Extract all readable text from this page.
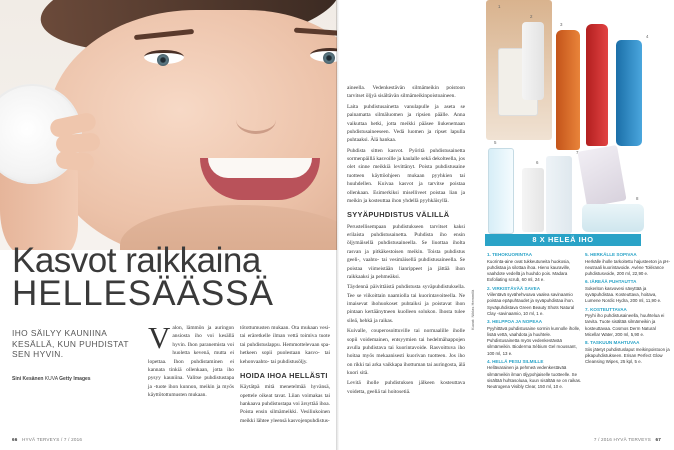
Kasvot raikkaina
HELLESÄÄSSÄ
IHO SÄILYY KAUNIINA KESÄLLÄ, KUN PUHDISTAT SEN HYVIN.
Sini Kesänen KUVA Getty Images

Valon, lämmön ja auringon ansiosta iho voi kesällä hyvin. Ihon paranemista voi huoletta kevenä, mutta ei lopettaa. Ihon puhdistaminen ei kannata tinkiä ollenkaan, jotta iho pysyy kauniina. Valitse puhdistustapa ja -tuote ihon kunnon, meikin ja myös käyttötottumusten mukaan.

tötottumusten mukaan. Ota mukaan vesi- tai eräretkelle ilman vettä toimiva tuote tai puhdistuslappu. Hemmottelevaan spa-hetkeen sopii puolestaan kasvo- tai kehonvaahto- tai puhdistusöljy.

HOIDA IHOA HELLÄSTI

Käytätpä mitä menetelmää hyvänsä, opettele oikeat tavat. Liian voimakas tai hankaava puhdistustapa voi ärsyttää ihoa. Poista ensin silmämeikki. Vesiliukoinen meikki lähtee yleensä kasvojenpuhdistus-

66 HYVÄ TERVEYS / 7 / 2016

aineella. Vedenkestävän silmämeikin poistoon tarvitset öljyä sisältävän silmämeikinpoistoaineen.

Laita puhdistusainetta vanulapulle ja aseta se painamatta silmäluomen ja ripsien päälle. Anna vaikuttaa hetki, jotta meikki pääsee liukenemaan puhdistusaineeseen. Vedä luomen ja ripset lapulla puhtaaksi. Älä hankaa.

Puhdista sitten kasvot. Pyöritä puhdistusainetta sormenpäillä kasvoille ja kaulalle sekä dekolteella, jos olet sinne meikkiä levittänyt. Poista puhdistusaine tuotteen käyttöohjeen mukaan pyyhkien tai huuhdellen. Kuivaa kasvot ja tarvitse poistaa ollenkaan. Esimerkiksi miselliveet poistaa lian ja meikin ja kosteuttaa ihon yhdellä pyyhkäisyllä.

SYYÄPUHDISTUS VÄLILLÄ

Perustellisempaan puhdistukseen tarvitset kaksi erilaista puhdistusainetta. Puhdista iho ensin öljymäisellä puhdistusaineella. Se liuottaa iholta rasvan ja pitkäkestoisen meikin. Toista puhdistus geeli-, vaahto- tai vesimäisellä puhdistusaineella. Se poistaa viimeistään lianrippeet ja jättää ihon raikkaaksi ja pehmeäksi.

Täydennä päivittäistä puhdistusta syväpuhdistuksella. Tee se viikoittain naamiolla tai kuorintavoiteella. Ne imaisevat ihohuokoset puhtaiksi ja poistavat ihon pintaan kertäänytneen kuolleen solukon. Ihosta tulee sileä, hehkä ja raikas.

Kuivalle, couperosoittuville tai normaalille iholle sopii voidemainen, entsyymien tai hedelmähappojen avulla puhdistava tai kuorintavoide. Rasvoittuva iho hoitaa myös mekaanisesti kuorivan tuotteen. Jos iho on rikki tai arka vaikkapa ihottuman tai auringosta, älä kuori sitä.

Levitä iholle puhdistuksen jälkeen kosteuttava voidetta, geeliä tai hoitosetiä.

Kuvat: Niklas Hemmilä
1
2
3
4
5
6
7
8
8 X HELEÄ IHO
1. TEHOKUORINTAA
Kuorinta-aine ovat tukkeutuneita huokosia, puhdistaa ja silottaa ihoa. Hieno kauraville, vaahdote vedellä ja huuhdo pois. Madara Exfoliating scrub, 60 ml, 24 e.
2. VIRKISTÄVÄÄ SAVEA
Viilentävä syvähehvoava vaalea savinaamio poistaa epäpuhtaudet ja syväpuhdistaa ihon. Syväpuhdistava Green Beauty Shots Natural Clay -savinaamio, 10 ml, 1 e.
3. HELPPOA JA NOPEAA
Pyyhittävä puhdistusaine sormin kunnolle iholle, lisää vettä, vaahdota ja huuhtele. Puhdistusainetta myös vedenkestävää silmämeikin. Bioderma Sébium Gel moussant, 100 ml, 13 e.
4. HELLÄ PESU SILMILLE
Hellävarainen ja pehmeä vedenkestävää silmämeikin ilman öljypohjaiselle tuotteelle. Se sisältää huhtasoluaa, kuun sisältää se on raikas. Neutrogena Visibly Clear, 150 ml, 10 e.
5. HERKÄLLE SOPIVAA
Herkälle iholle tarkoitettu hajusteeton ja pH-neutraali kuorintavoide. Avène Tolérance puhdistusvoide, 200 ml, 22,90 e.
6. IÄREÄÄ PUHTAUTTA
Sokeriton kasvovesi sävyttää ja syväpuhdistaa. Kosteuttava, hoitava, Lumene Nordic Hydra, 200 ml, 11,90 e.
7. KOSTEUTTAVAA
Pyyhi iho puhdistusaineella, huuhtelua ei tarvita. Tuote sisältää silmämeikin ja kosteuttavaa. Cosmos Derm Natural Micellar Water, 200 ml, 5,90 e.
8. TASKUUN MAHTUVAA
Siis jätetyt puhdistuslaput meikinpoistoon ja pikapuhdistukseen. Erisan Perfect Glow Cleansing Wipes, 25 kpl, 5 e.
7 / 2016 HYVÄ TERVEYS 67
